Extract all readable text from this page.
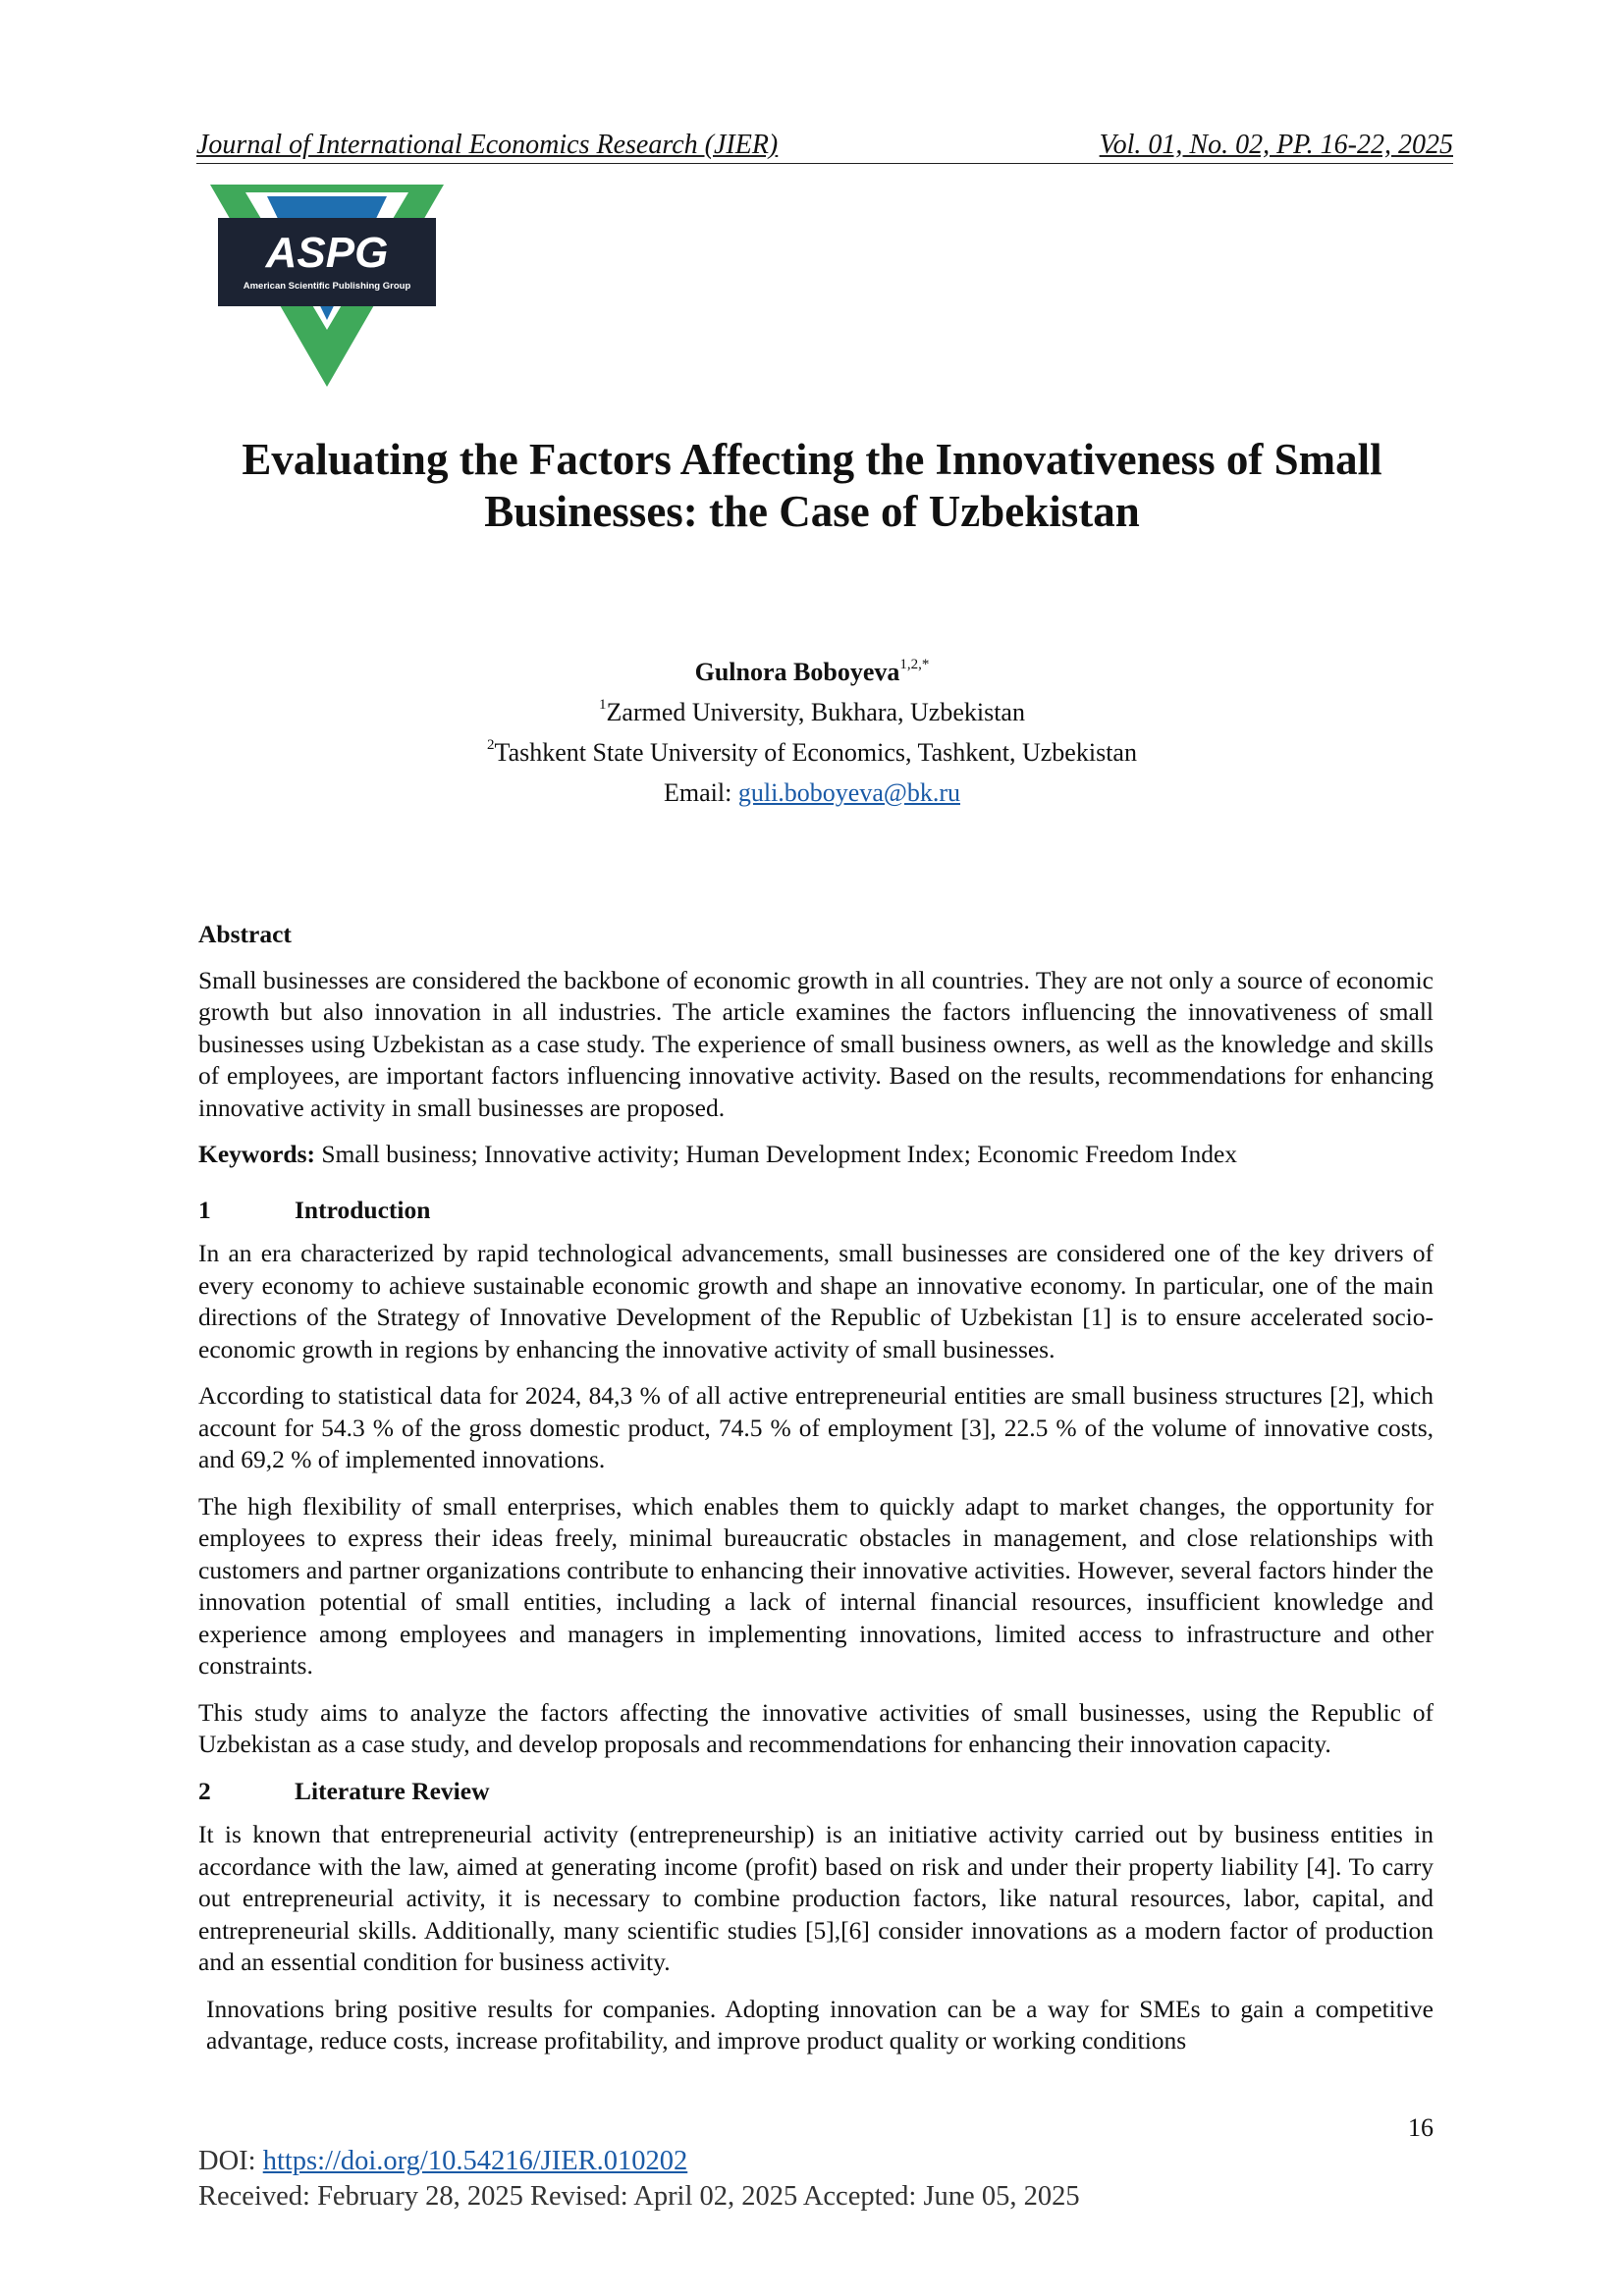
Journal of International Economics Research (JIER)	Vol. 01, No. 02, PP. 16-22, 2025
ASPG
American Scientific Publishing Group
Evaluating the Factors Affecting the Innovativeness of Small
Businesses: the Case of Uzbekistan
Gulnora Boboyeva$^{1,2,*}$
$^1$Zarmed University, Bukhara, Uzbekistan
$^2$Tashkent State University of Economics, Tashkent, Uzbekistan
Email: guli.boboyeva@bk.ru
Abstract

Small businesses are considered the backbone of economic growth in all countries. They are not only a source of economic growth but also innovation in all industries. The article examines the factors influencing the innovativeness of small businesses using Uzbekistan as a case study. The experience of small business owners, as well as the knowledge and skills of employees, are important factors influencing innovative activity. Based on the results, recommendations for enhancing innovative activity in small businesses are proposed.

Keywords: Small business; Innovative activity; Human Development Index; Economic Freedom Index

1	Introduction

In an era characterized by rapid technological advancements, small businesses are considered one of the key drivers of every economy to achieve sustainable economic growth and shape an innovative economy. In particular, one of the main directions of the Strategy of Innovative Development of the Republic of Uzbekistan [1] is to ensure accelerated socio-economic growth in regions by enhancing the innovative activity of small businesses.

According to statistical data for 2024, 84,3 % of all active entrepreneurial entities are small business structures [2], which account for 54.3 % of the gross domestic product, 74.5 % of employment [3], 22.5 % of the volume of innovative costs, and 69,2 % of implemented innovations.

The high flexibility of small enterprises, which enables them to quickly adapt to market changes, the opportunity for employees to express their ideas freely, minimal bureaucratic obstacles in management, and close relationships with customers and partner organizations contribute to enhancing their innovative activities. However, several factors hinder the innovation potential of small entities, including a lack of internal financial resources, insufficient knowledge and experience among employees and managers in implementing innovations, limited access to infrastructure and other constraints.

This study aims to analyze the factors affecting the innovative activities of small businesses, using the Republic of Uzbekistan as a case study, and develop proposals and recommendations for enhancing their innovation capacity.

2	Literature Review

It is known that entrepreneurial activity (entrepreneurship) is an initiative activity carried out by business entities in accordance with the law, aimed at generating income (profit) based on risk and under their property liability [4]. To carry out entrepreneurial activity, it is necessary to combine production factors, like natural resources, labor, capital, and entrepreneurial skills. Additionally, many scientific studies [5],[6] consider innovations as a modern factor of production and an essential condition for business activity.

Innovations bring positive results for companies. Adopting innovation can be a way for SMEs to gain a competitive advantage, reduce costs, increase profitability, and improve product quality or working conditions

16
DOI: https://doi.org/10.54216/JIER.010202
Received: February 28, 2025 Revised: April 02, 2025 Accepted: June 05, 2025
